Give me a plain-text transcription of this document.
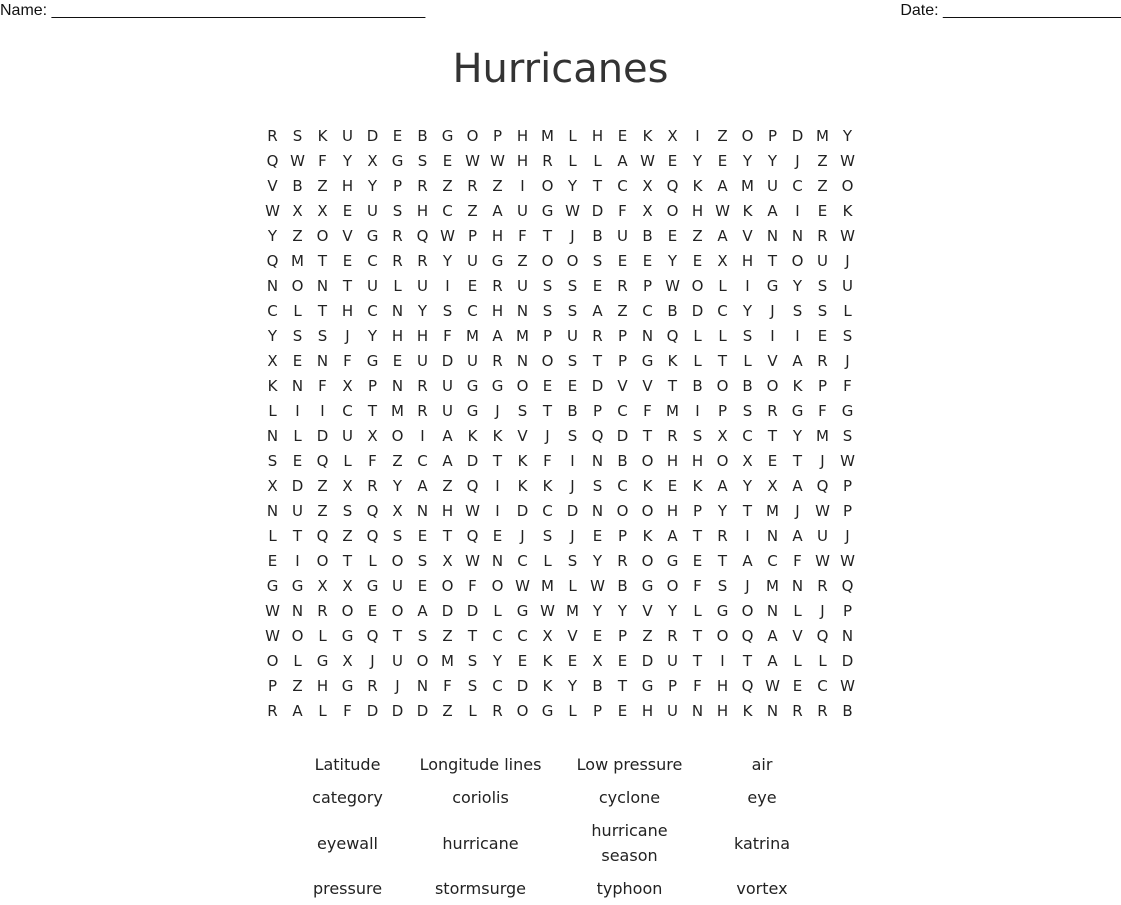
Name: __________________________________________	Date: ____________________
Hurricanes
R	S	K U D E	B G O P H M L	H E	K X	I	Z O P D M Y
Q W F	Y	X G S	E W W H R	L	L	A W E	Y	E	Y	Y	J	Z W
V B Z H Y	P	R Z R Z	I	O Y	T	C X Q K A M U C Z O
W X X	E U S H C Z A U G W D F	X O H W K A	I	E	K
Y	Z O V G R Q W P H	F	T	J	B U B	E	Z A V N N R W
Q M T	E	C R R	Y U G Z O O S	E	E	Y	E	X H T O U	J
N O N T U	L	U	I	E	R U S	S	E	R	P W O L	I	G Y	S U
C	L	T H C N Y	S C H N S	S	A Z C B D C	Y	J	S	S	L
Y	S	S	J	Y H H	F M A M P U R	P N Q L	L	S	I	I	E	S
X	E N	F G E U D U R N O S	T	P G K	L	T	L	V A R	J
K N	F	X	P N R U G G O E	E D V V	T	B O B O K	P	F
L	I	I	C	T M R U G	J	S	T	B	P	C	F M	I	P	S	R G F G
N	L	D U X O	I	A K	K V	J	S Q D T	R	S	X C	T	Y M S
S	E Q L	F	Z C A D T	K	F	I	N B O H H O X	E	T	J	W
X D Z X R	Y	A Z Q	I	K	K	J	S C K	E	K A	Y	X A Q P
N U Z	S Q X N H W	I	D C D N O O H P	Y	T M	J	W P
L	T Q Z Q S	E	T Q E	J	S	J	E	P	K A	T	R	I	N A U	J
E	I	O T	L O S	X W N C	L	S	Y	R O G E	T	A C	F W W
G G X X G U E O F O W M L W B G O F	S	J	M N R Q
W N R O E O A D D	L	G W M Y	Y	V	Y	L	G O N	L	J	P
W O L	G Q T	S	Z	T	C C X V	E	P	Z R	T O Q A V Q N
O L	G X	J	U O M S	Y	E	K	E	X	E D U T	I	T	A	L	L	D
P	Z H G R	J	N	F	S C D K	Y	B	T G P	F	H Q W E	C W
R A	L	F D D D Z	L	R O G	L	P	E H U N H K N R R B
Latitude	Longitude lines	Low pressure	air
category	coriolis	cyclone	eye
eyewall	hurricane	hurricane season	katrina
pressure	stormsurge	typhoon	vortex
